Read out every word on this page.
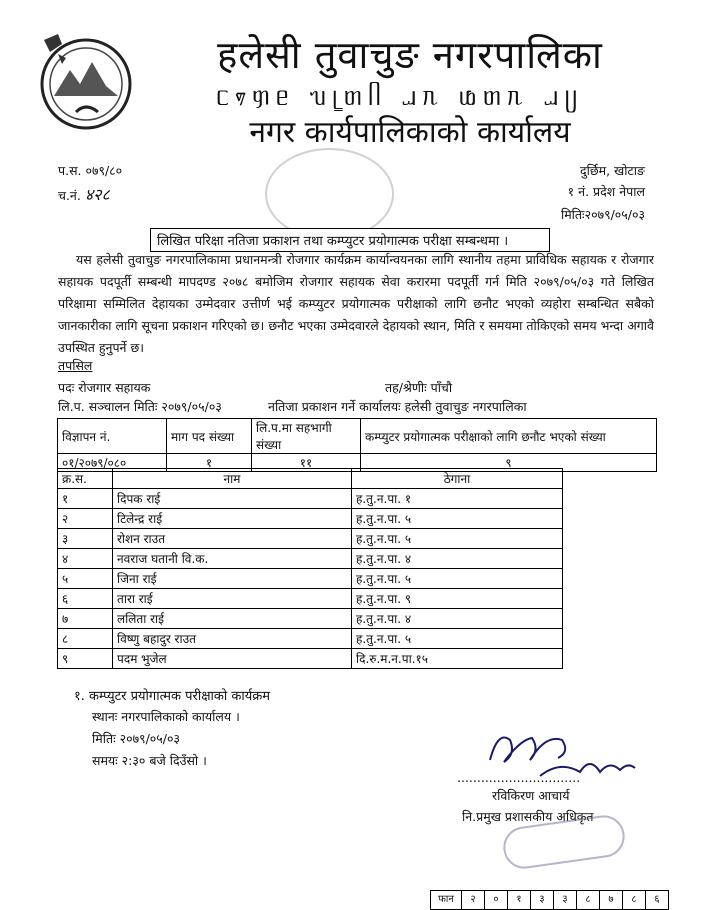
हलेसी तुवाचुङ नगरपालिका
ᥴ᥏ᥞᥱ ᥔᥧᥖᥥ ᥘᥰ ᥚᥖᥰ ᥘᥩ
नगर कार्यपालिकाको कार्यालय
प.स. ०७९/८०
च.नं. ४२८
दुर्छिम, खोटाङ
१ नं. प्रदेश नेपाल
मितिः२०७९/०५/०३
लिखित परिक्षा नतिजा प्रकाशन तथा कम्प्युटर प्रयोगात्मक परीक्षा सम्बन्धमा ।
यस हलेसी तुवाचुङ नगरपालिकामा प्रधानमन्त्री रोजगार कार्यक्रम कार्यान्वयनका लागि स्थानीय तहमा प्राविधिक सहायक र रोजगार सहायक पदपूर्ती सम्बन्धी मापदण्ड २०७८ बमोजिम रोजगार सहायक सेवा करारमा पदपूर्ती गर्न मिति २०७९/०५/०३ गते लिखित परिक्षामा सम्मिलित देहायका उम्मेदवार उत्तीर्ण भई कम्प्युटर प्रयोगात्मक परीक्षाको लागि छनौट भएको व्यहोरा सम्बन्धित सबैको जानकारीका लागि सूचना प्रकाशन गरिएको छ। छनौट भएका उम्मेदवारले देहायको स्थान, मिति र समयमा तोकिएको समय भन्दा अगावै उपस्थित हुनुपर्ने छ।
तपसिल
पदः रोजगार सहायक	तह/श्रेणीः पाँचौ
लि.प. सञ्चालन मितिः २०७९/०५/०३	नतिजा प्रकाशन गर्ने कार्यालयः हलेसी तुवाचुङ नगरपालिका
विज्ञापन नं.	माग पद संख्या	लि.प.मा सहभागी संख्या	कम्प्युटर प्रयोगात्मक परीक्षाको लागि छनौट भएको संख्या
०१/२०७९/०८०	१	११	९
क्र.स.	नाम	ठेगाना
१	दिपक राई	ह.तु.न.पा. १
२	टिलेन्द्र राई	ह.तु.न.पा. ५
३	रोशन राउत	ह.तु.न.पा. ५
४	नवराज घतानी वि.क.	ह.तु.न.पा. ४
५	जिना राई	ह.तु.न.पा. ५
६	तारा राई	ह.तु.न.पा. ९
७	ललिता राई	ह.तु.न.पा. ४
८	विष्णु बहादुर राउत	ह.तु.न.पा. ५
९	पदम भुजेल	दि.रु.म.न.पा.१५
१. कम्प्युटर प्रयोगात्मक परीक्षाको कार्यक्रम
स्थानः नगरपालिकाको कार्यालय ।
मितिः २०७९/०५/०३
समयः २:३० बजे दिउँसो ।
...............................
रविकिरण आचार्य
नि.प्रमुख प्रशासकीय अधिकृत
फान	२	०	१	३	३	८	७	८	६
